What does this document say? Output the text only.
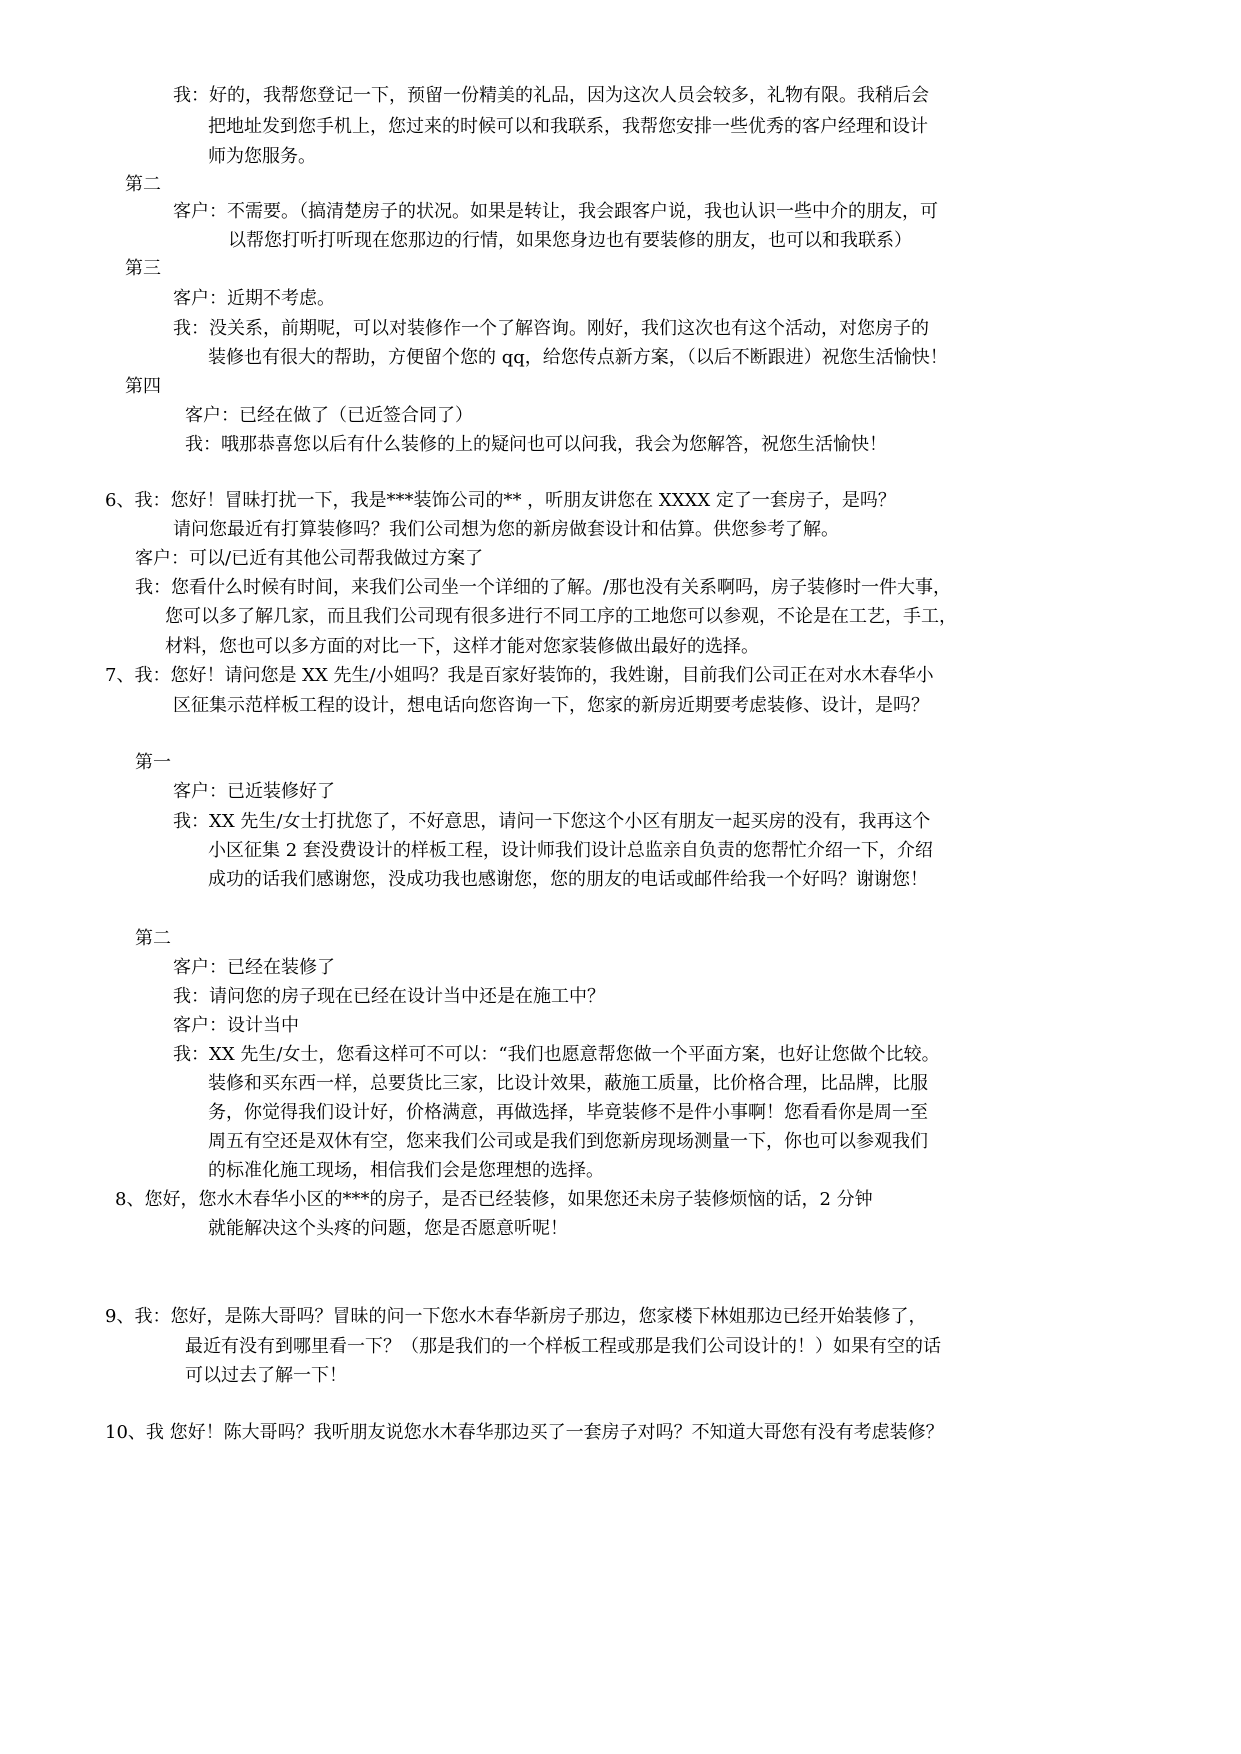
我：好的，我帮您登记一下，预留一份精美的礼品，因为这次人员会较多，礼物有限。我稍后会
把地址发到您手机上，您过来的时候可以和我联系，我帮您安排一些优秀的客户经理和设计
师为您服务。
第二
客户：不需要。（搞清楚房子的状况。如果是转让，我会跟客户说，我也认识一些中介的朋友，可
以帮您打听打听现在您那边的行情，如果您身边也有要装修的朋友，也可以和我联系）
第三
客户：近期不考虑。
我：没关系，前期呢，可以对装修作一个了解咨询。刚好，我们这次也有这个活动，对您房子的
装修也有很大的帮助，方便留个您的 qq，给您传点新方案，（以后不断跟进）祝您生活愉快！
第四
客户：已经在做了（已近签合同了）
我：哦那恭喜您以后有什么装修的上的疑问也可以问我，我会为您解答，祝您生活愉快！
6、我：您好！冒昧打扰一下，我是***装饰公司的** ，听朋友讲您在 XXXX 定了一套房子，是吗？
请问您最近有打算装修吗？我们公司想为您的新房做套设计和估算。供您参考了解。
客户：可以/已近有其他公司帮我做过方案了
我：您看什么时候有时间，来我们公司坐一个详细的了解。/那也没有关系啊吗，房子装修时一件大事，
您可以多了解几家，而且我们公司现有很多进行不同工序的工地您可以参观，不论是在工艺，手工，
材料，您也可以多方面的对比一下，这样才能对您家装修做出最好的选择。
7、我：您好！请问您是 XX 先生/小姐吗？我是百家好装饰的，我姓谢，目前我们公司正在对水木春华小
区征集示范样板工程的设计，想电话向您咨询一下，您家的新房近期要考虑装修、设计，是吗？
第一
客户：已近装修好了
我：XX 先生/女士打扰您了，不好意思，请问一下您这个小区有朋友一起买房的没有，我再这个
小区征集 2 套没费设计的样板工程，设计师我们设计总监亲自负责的您帮忙介绍一下，介绍
成功的话我们感谢您，没成功我也感谢您，您的朋友的电话或邮件给我一个好吗？谢谢您！
第二
客户：已经在装修了
我：请问您的房子现在已经在设计当中还是在施工中？
客户：设计当中
我：XX 先生/女士，您看这样可不可以：“我们也愿意帮您做一个平面方案，也好让您做个比较。
装修和买东西一样，总要货比三家，比设计效果，蔽施工质量，比价格合理，比品牌，比服
务，你觉得我们设计好，价格满意，再做选择，毕竟装修不是件小事啊！您看看你是周一至
周五有空还是双休有空，您来我们公司或是我们到您新房现场测量一下，你也可以参观我们
的标准化施工现场，相信我们会是您理想的选择。
8、您好，您水木春华小区的***的房子，是否已经装修，如果您还未房子装修烦恼的话，2 分钟
就能解决这个头疼的问题，您是否愿意听呢！
9、我：您好，是陈大哥吗？冒昧的问一下您水木春华新房子那边，您家楼下林姐那边已经开始装修了，
最近有没有到哪里看一下？（那是我们的一个样板工程或那是我们公司设计的！）如果有空的话
可以过去了解一下！
10、我 您好！陈大哥吗？我听朋友说您水木春华那边买了一套房子对吗？不知道大哥您有没有考虑装修？
